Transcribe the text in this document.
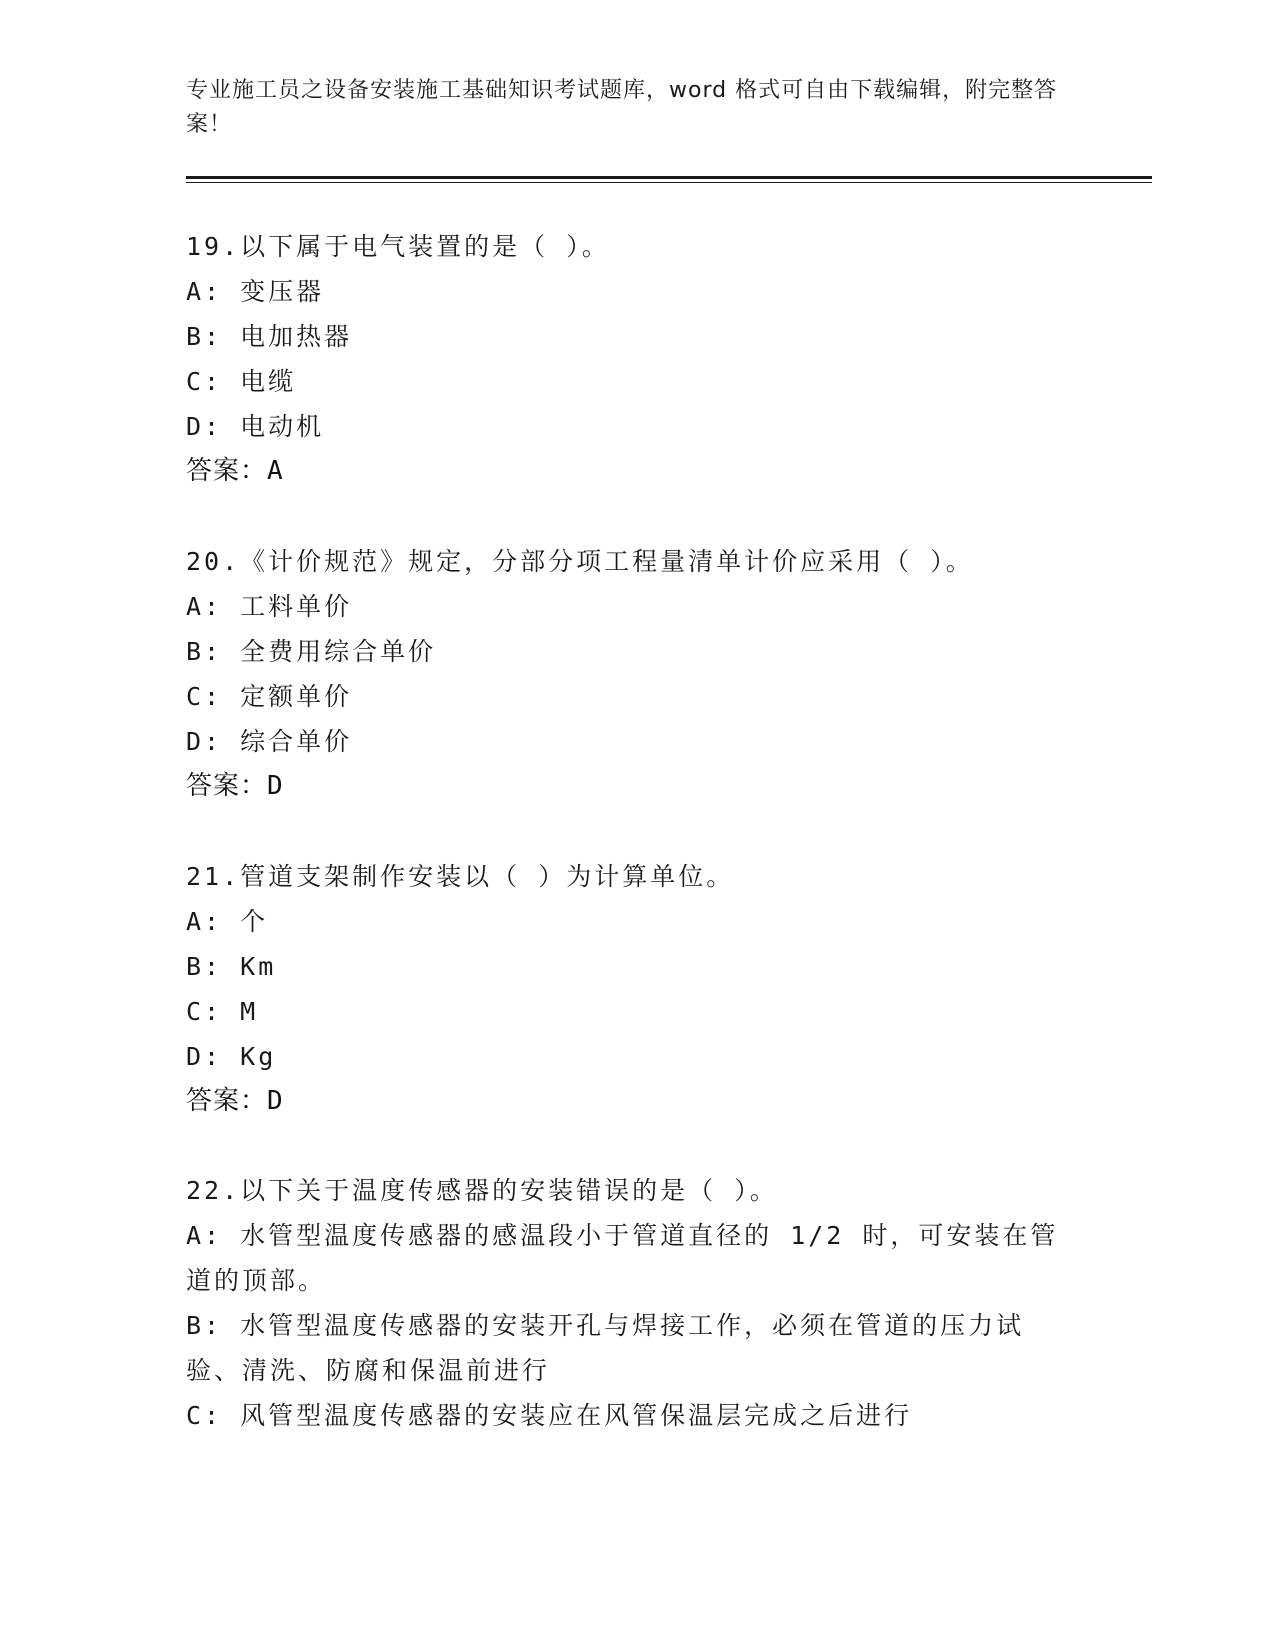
专业施工员之设备安装施工基础知识考试题库，word 格式可自由下载编辑，附完整答案！

19.以下属于电气装置的是（ ）。

A: 变压器

B: 电加热器

C: 电缆

D: 电动机

答案：A

20.《计价规范》规定，分部分项工程量清单计价应采用（ ）。

A: 工料单价

B: 全费用综合单价

C: 定额单价

D: 综合单价

答案：D

21.管道支架制作安装以（ ）为计算单位。

A: 个

B: Km

C: M

D: Kg

答案：D

22.以下关于温度传感器的安装错误的是（ ）。

A: 水管型温度传感器的感温段小于管道直径的 1/2 时，可安装在管道的顶部。

B: 水管型温度传感器的安装开孔与焊接工作，必须在管道的压力试验、清洗、防腐和保温前进行

C: 风管型温度传感器的安装应在风管保温层完成之后进行
